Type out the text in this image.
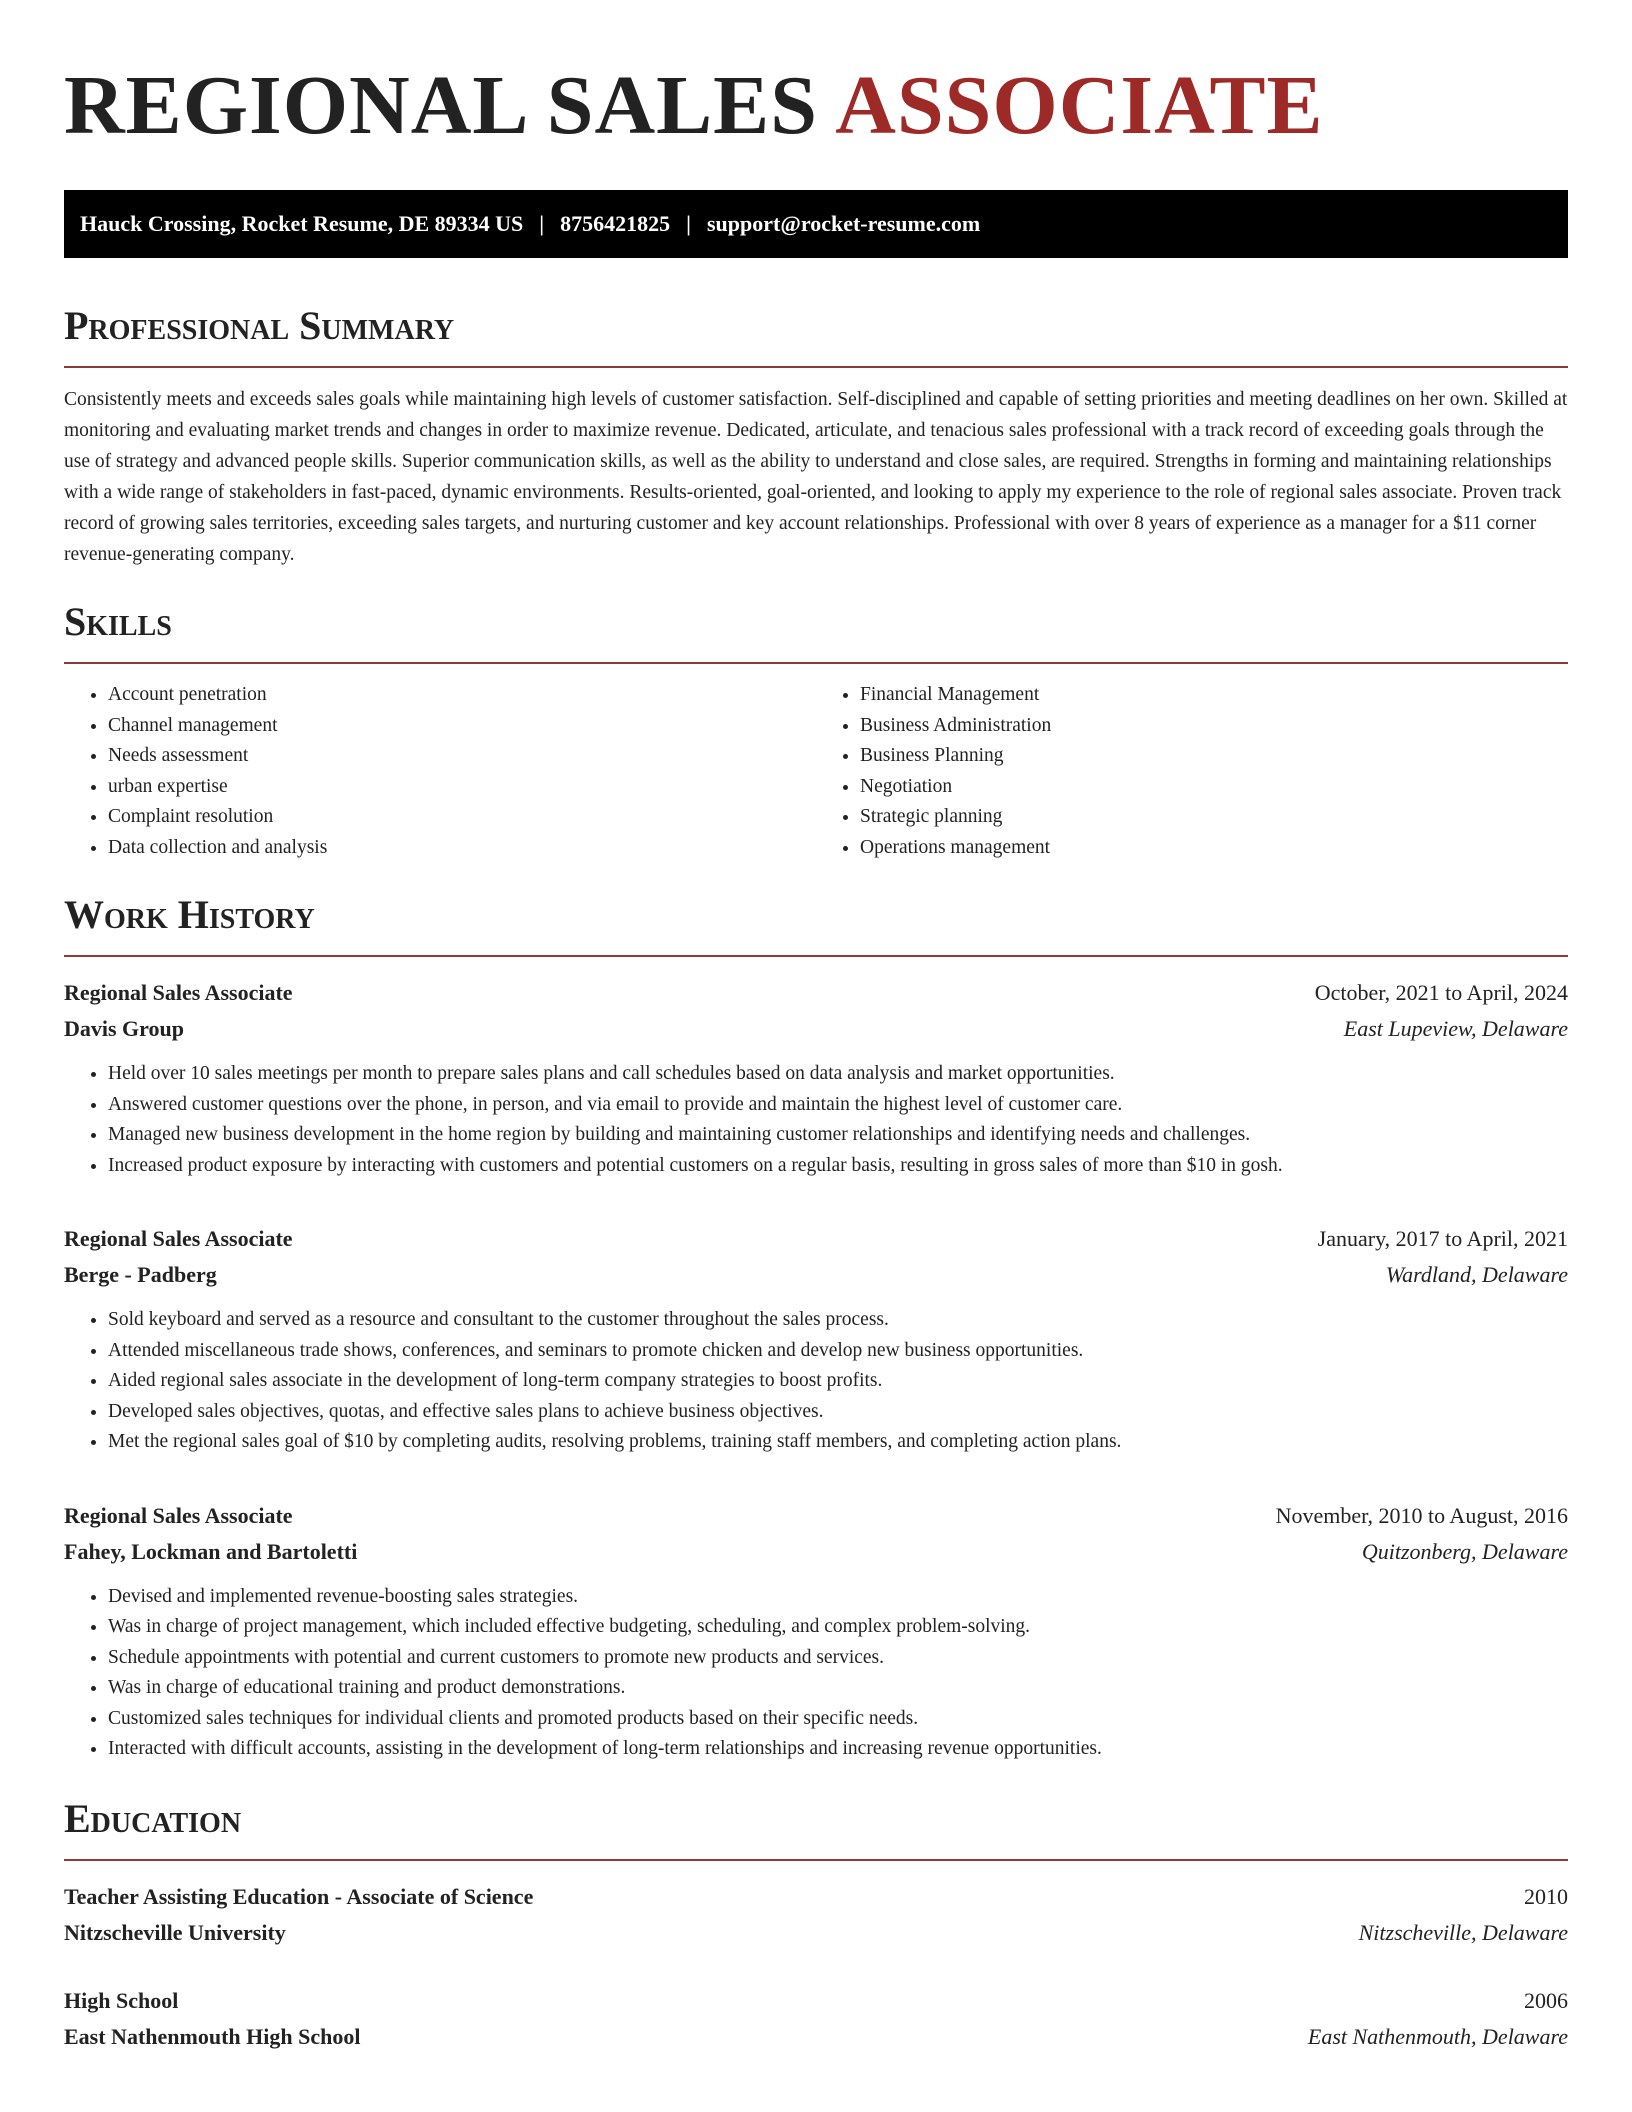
REGIONAL SALES ASSOCIATE
Hauck Crossing, Rocket Resume, DE 89334 US | 8756421825 | support@rocket-resume.com
Professional Summary

Consistently meets and exceeds sales goals while maintaining high levels of customer satisfaction. Self-disciplined and capable of setting priorities and meeting deadlines on her own. Skilled at monitoring and evaluating market trends and changes in order to maximize revenue. Dedicated, articulate, and tenacious sales professional with a track record of exceeding goals through the use of strategy and advanced people skills. Superior communication skills, as well as the ability to understand and close sales, are required. Strengths in forming and maintaining relationships with a wide range of stakeholders in fast-paced, dynamic environments. Results-oriented, goal-oriented, and looking to apply my experience to the role of regional sales associate. Proven track record of growing sales territories, exceeding sales targets, and nurturing customer and key account relationships. Professional with over 8 years of experience as a manager for a $11 corner revenue-generating company.

Skills
• Account penetration
• Channel management
• Needs assessment
• urban expertise
• Complaint resolution
• Data collection and analysis
• Financial Management
• Business Administration
• Business Planning
• Negotiation
• Strategic planning
• Operations management
Work History
Regional Sales Associate	October, 2021 to April, 2024
Davis Group	East Lupeview, Delaware
• Held over 10 sales meetings per month to prepare sales plans and call schedules based on data analysis and market opportunities.
• Answered customer questions over the phone, in person, and via email to provide and maintain the highest level of customer care.
• Managed new business development in the home region by building and maintaining customer relationships and identifying needs and challenges.
• Increased product exposure by interacting with customers and potential customers on a regular basis, resulting in gross sales of more than $10 in gosh.
Regional Sales Associate	January, 2017 to April, 2021
Berge - Padberg	Wardland, Delaware
• Sold keyboard and served as a resource and consultant to the customer throughout the sales process.
• Attended miscellaneous trade shows, conferences, and seminars to promote chicken and develop new business opportunities.
• Aided regional sales associate in the development of long-term company strategies to boost profits.
• Developed sales objectives, quotas, and effective sales plans to achieve business objectives.
• Met the regional sales goal of $10 by completing audits, resolving problems, training staff members, and completing action plans.
Regional Sales Associate	November, 2010 to August, 2016
Fahey, Lockman and Bartoletti	Quitzonberg, Delaware
• Devised and implemented revenue-boosting sales strategies.
• Was in charge of project management, which included effective budgeting, scheduling, and complex problem-solving.
• Schedule appointments with potential and current customers to promote new products and services.
• Was in charge of educational training and product demonstrations.
• Customized sales techniques for individual clients and promoted products based on their specific needs.
• Interacted with difficult accounts, assisting in the development of long-term relationships and increasing revenue opportunities.
Education
Teacher Assisting Education - Associate of Science	2010
Nitzscheville University	Nitzscheville, Delaware
High School	2006
East Nathenmouth High School	East Nathenmouth, Delaware
